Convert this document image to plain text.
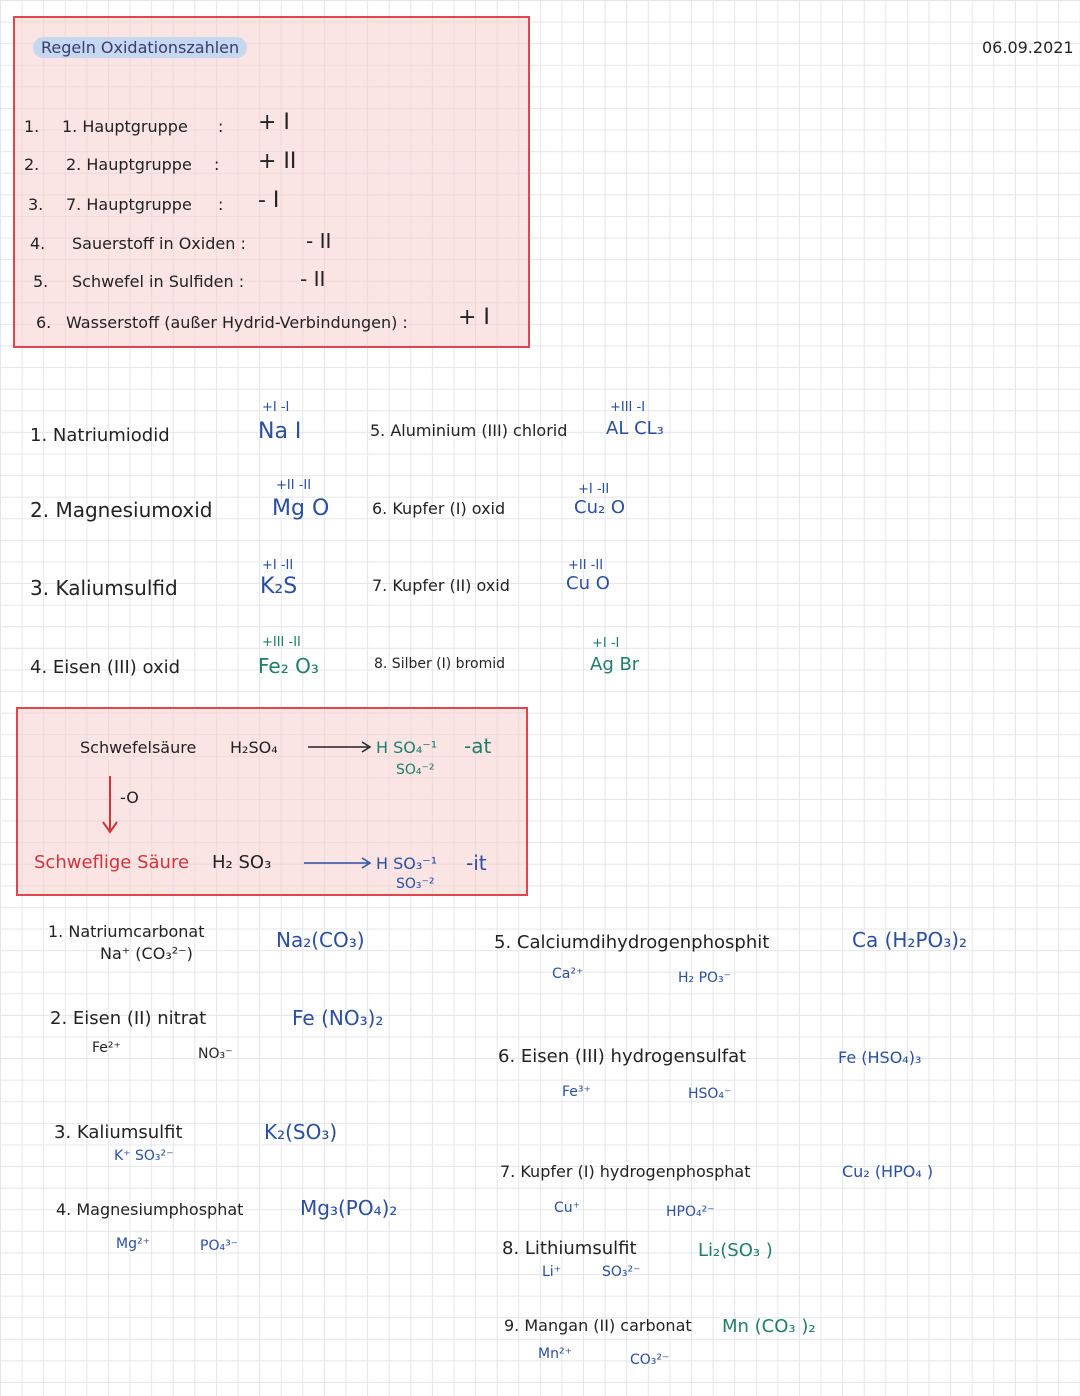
06.09.2021
Regeln Oxidationszahlen
1. 1. Hauptgruppe : + I
2. 2. Hauptgruppe : + II
3. 7. Hauptgruppe : - I
4. Sauerstoff in Oxiden :	- II
5. Schwefel in Sulfiden :	- II
6. Wasserstoff (außer Hydrid-Verbindungen) : + I
1. Natriumiodid
+I -I
Na I
2. Magnesiumoxid
+II -II
Mg O
3. Kaliumsulfid
+I -II
K₂S
4. Eisen (III) oxid
+III -II
Fe₂ O₃
5. Aluminium (III) chlorid
+III -I
AL CL₃
6. Kupfer (I) oxid
+I -II
Cu₂ O
7. Kupfer (II) oxid
+II -II
Cu O
8. Silber (I) bromid
+I -I
Ag Br
Schwefelsäure H₂SO₄	H SO₄⁻¹
SO₄⁻²
-at
-O
Schweflige Säure H₂ SO₃	H SO₃⁻¹
SO₃⁻²
-it
1. Natriumcarbonat
Na⁺ (CO₃²⁻)
Na₂(CO₃)
2. Eisen (II) nitrat
Fe²⁺	NO₃⁻
Fe (NO₃)₂
3. Kaliumsulfit
K⁺ SO₃²⁻
K₂(SO₃)
4. Magnesiumphosphat
Mg²⁺	PO₄³⁻
Mg₃(PO₄)₂
5. Calciumdihydrogenphosphit
Ca²⁺	H₂ PO₃⁻
Ca (H₂PO₃)₂
6. Eisen (III) hydrogensulfat
Fe³⁺	HSO₄⁻
Fe (HSO₄)₃
7. Kupfer (I) hydrogenphosphat
Cu⁺	HPO₄²⁻
Cu₂ (HPO₄ )
8. Lithiumsulfit
Li⁺	SO₃²⁻
Li₂(SO₃ )
9. Mangan (II) carbonat
Mn²⁺	CO₃²⁻
Mn (CO₃ )₂
